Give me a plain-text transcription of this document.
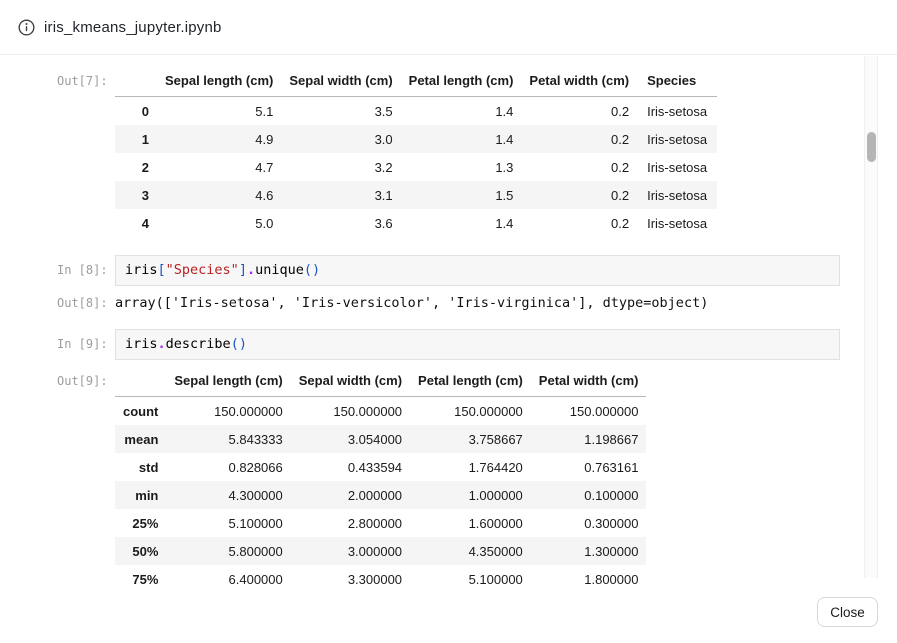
iris_kmeans_jupyter.ipynb
Out[7]:
		Sepal length (cm)	Sepal width (cm)	Petal length (cm)	Petal width (cm)	Species
0	5.1	3.5	1.4	0.2	Iris-setosa
1	4.9	3.0	1.4	0.2	Iris-setosa
2	4.7	3.2	1.3	0.2	Iris-setosa
3	4.6	3.1	1.5	0.2	Iris-setosa
4	5.0	3.6	1.4	0.2	Iris-setosa
In [8]:	iris["Species"].unique()
Out[8]: array(['Iris-setosa', 'Iris-versicolor', 'Iris-virginica'], dtype=object)
In [9]:	iris.describe()
Out[9]:
		Sepal length (cm)	Sepal width (cm)	Petal length (cm)	Petal width (cm)
count	150.000000	150.000000	150.000000	150.000000
mean	5.843333	3.054000	3.758667	1.198667
std	0.828066	0.433594	1.764420	0.763161
min	4.300000	2.000000	1.000000	0.100000
25%	5.100000	2.800000	1.600000	0.300000
50%	5.800000	3.000000	4.350000	1.300000
75%	6.400000	3.300000	5.100000	1.800000
Close
